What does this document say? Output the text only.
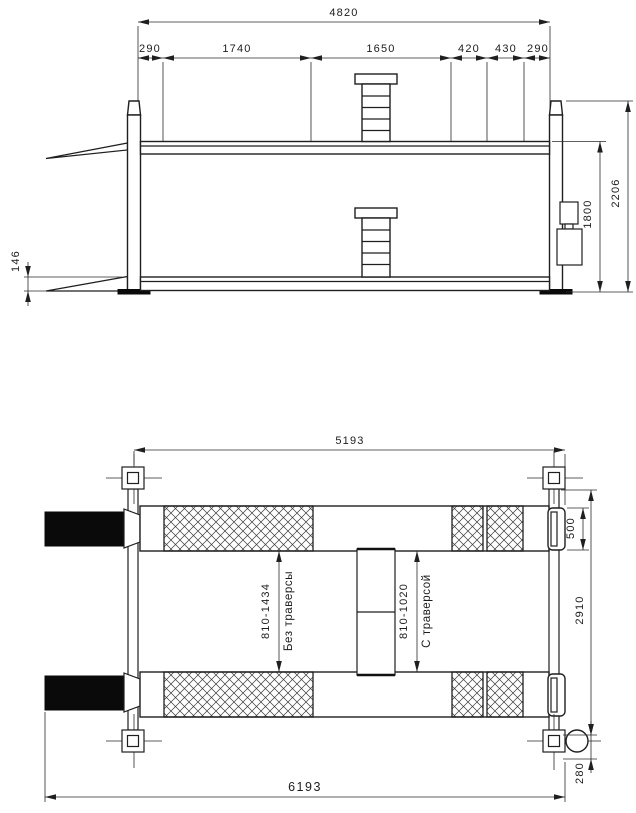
4820
290	1740	1650	420 430 290
146
1800
2206
5193
810-1434 Без траверсы	810-1020 С траверсой
500
2910
280
6193
